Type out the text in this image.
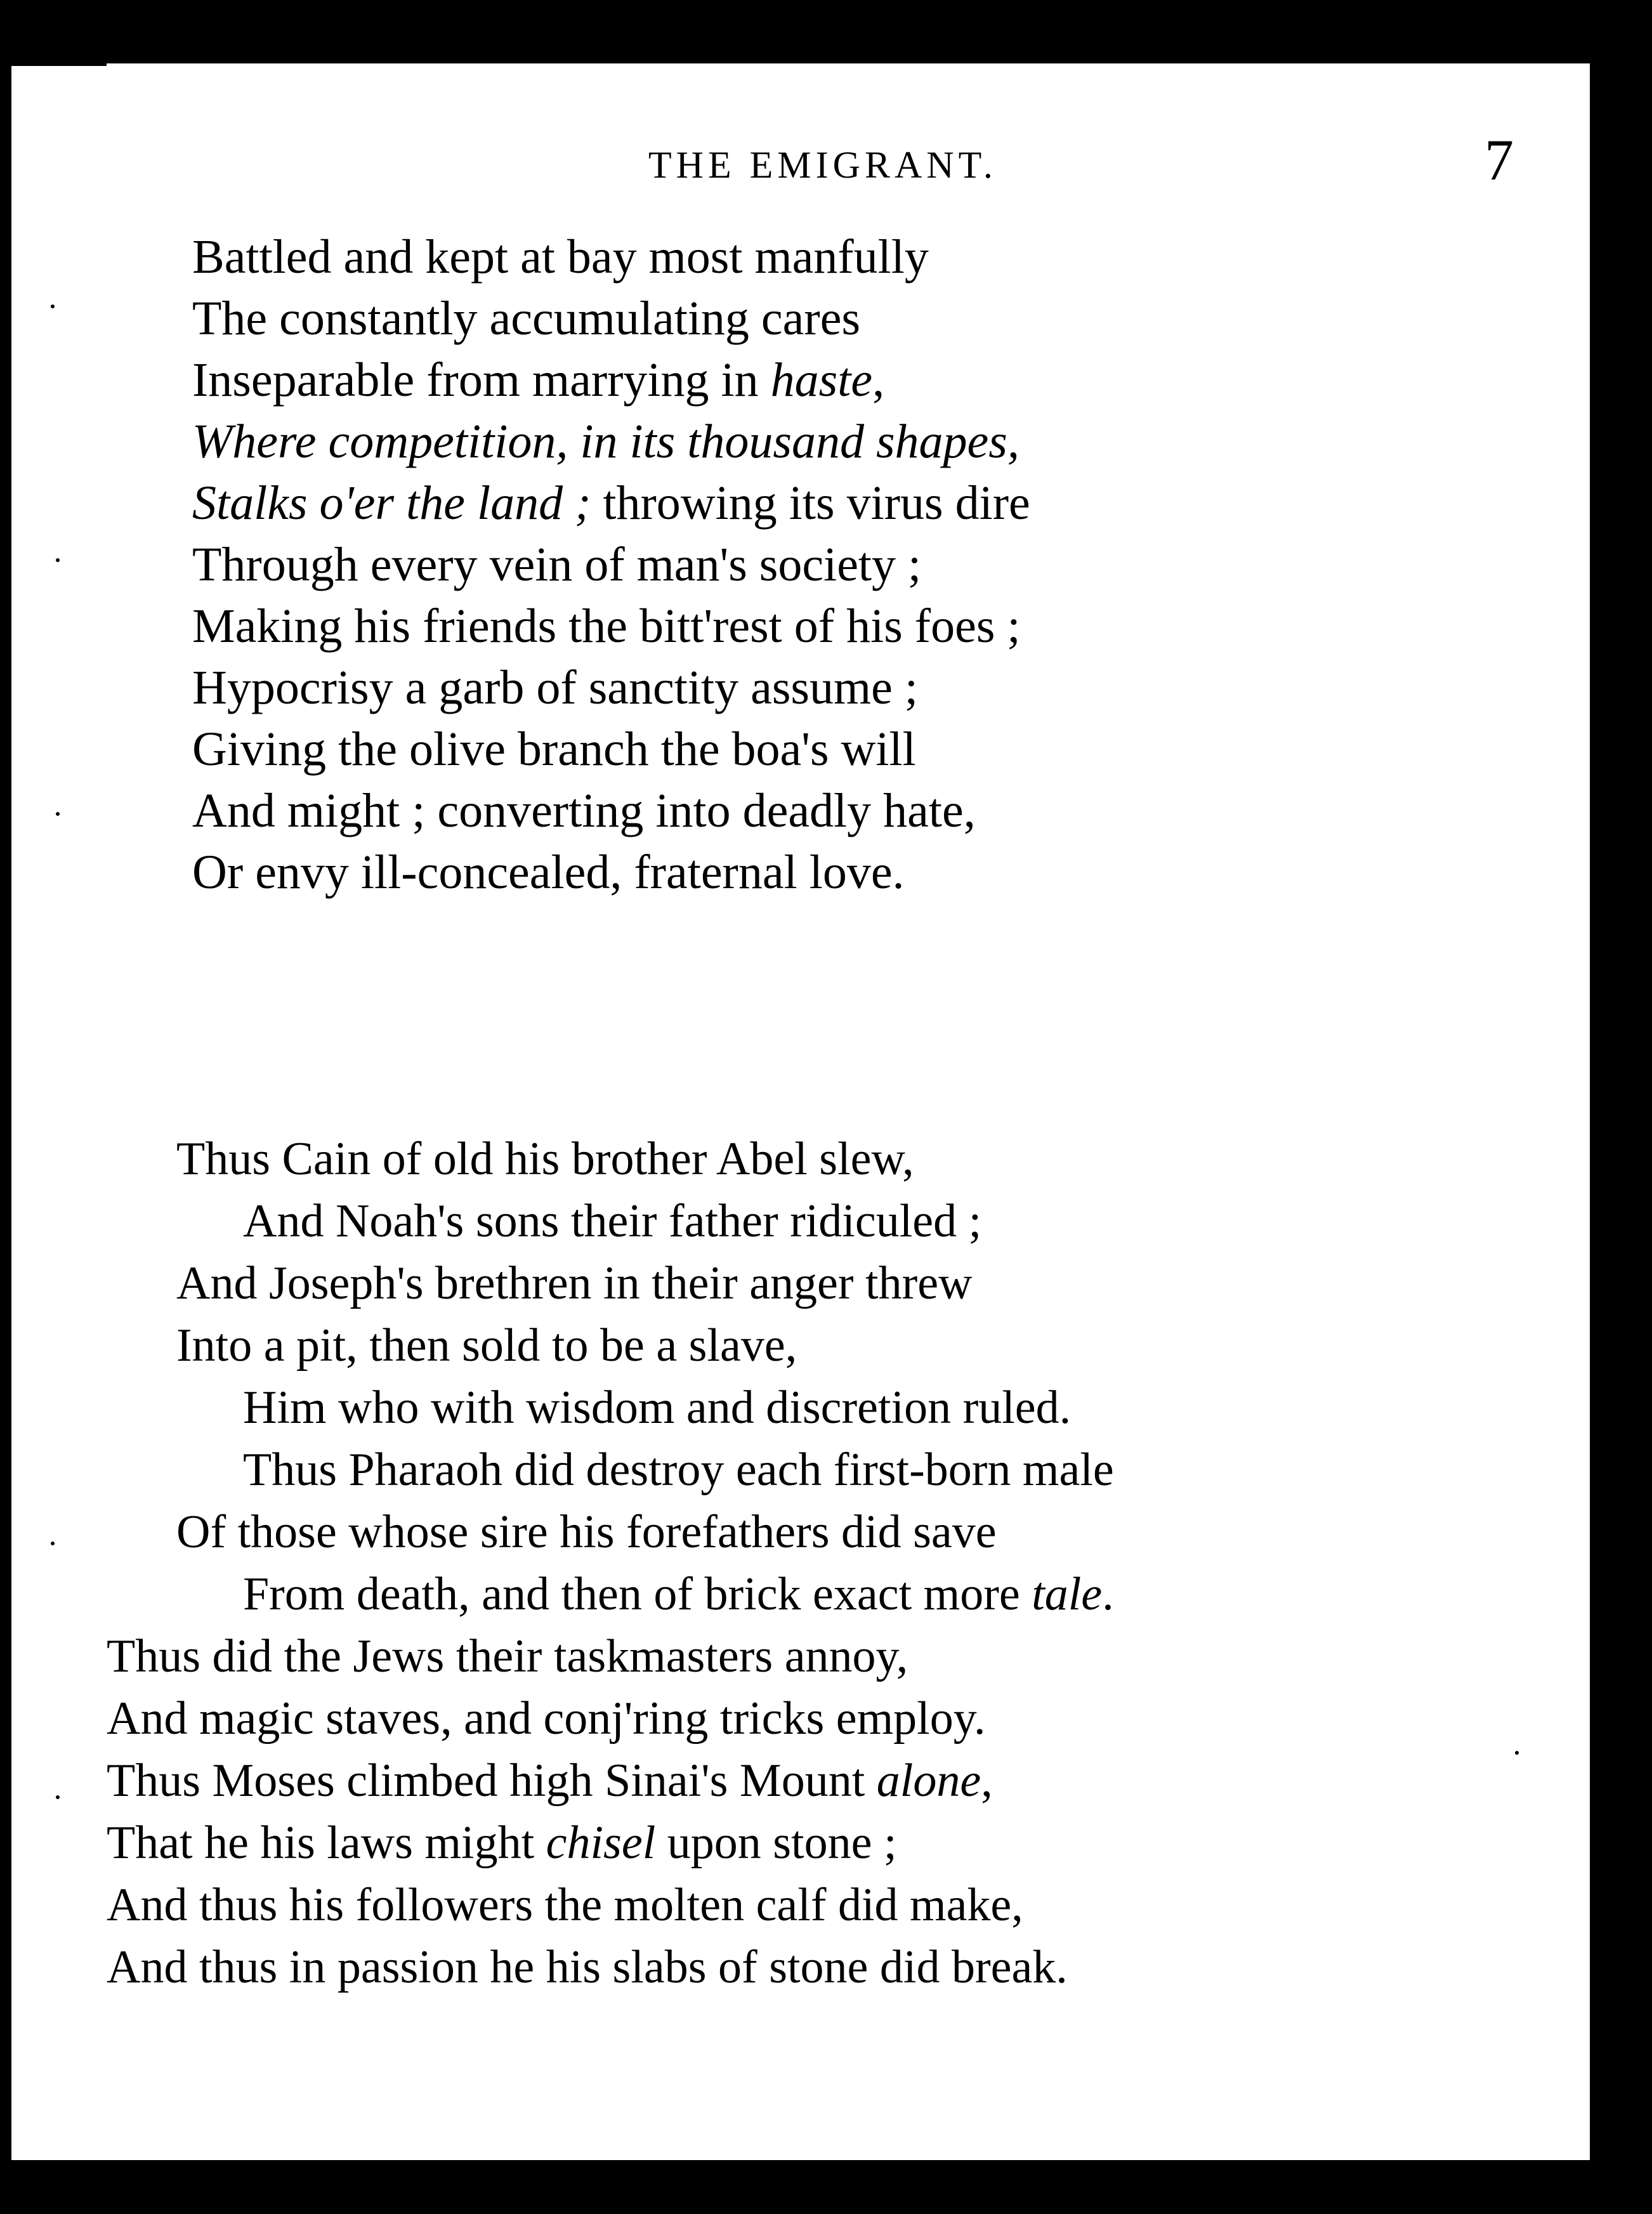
THE EMIGRANT.	7
Battled and kept at bay most manfully
The constantly accumulating cares
Inseparable from marrying in haste,
Where competition, in its thousand shapes,
Stalks o'er the land ; throwing its virus dire
Through every vein of man's society ;
Making his friends the bitt'rest of his foes ;
Hypocrisy a garb of sanctity assume ;
Giving the olive branch the boa's will
And might ; converting into deadly hate,
Or envy ill-concealed, fraternal love.
Thus Cain of old his brother Abel slew,
And Noah's sons their father ridiculed ;
And Joseph's brethren in their anger threw
Into a pit, then sold to be a slave,
Him who with wisdom and discretion ruled.
Thus Pharaoh did destroy each first-born male
Of those whose sire his forefathers did save
From death, and then of brick exact more tale.
Thus did the Jews their taskmasters annoy,
And magic staves, and conj'ring tricks employ.
Thus Moses climbed high Sinai's Mount alone,
That he his laws might chisel upon stone ;
And thus his followers the molten calf did make,
And thus in passion he his slabs of stone did break.
